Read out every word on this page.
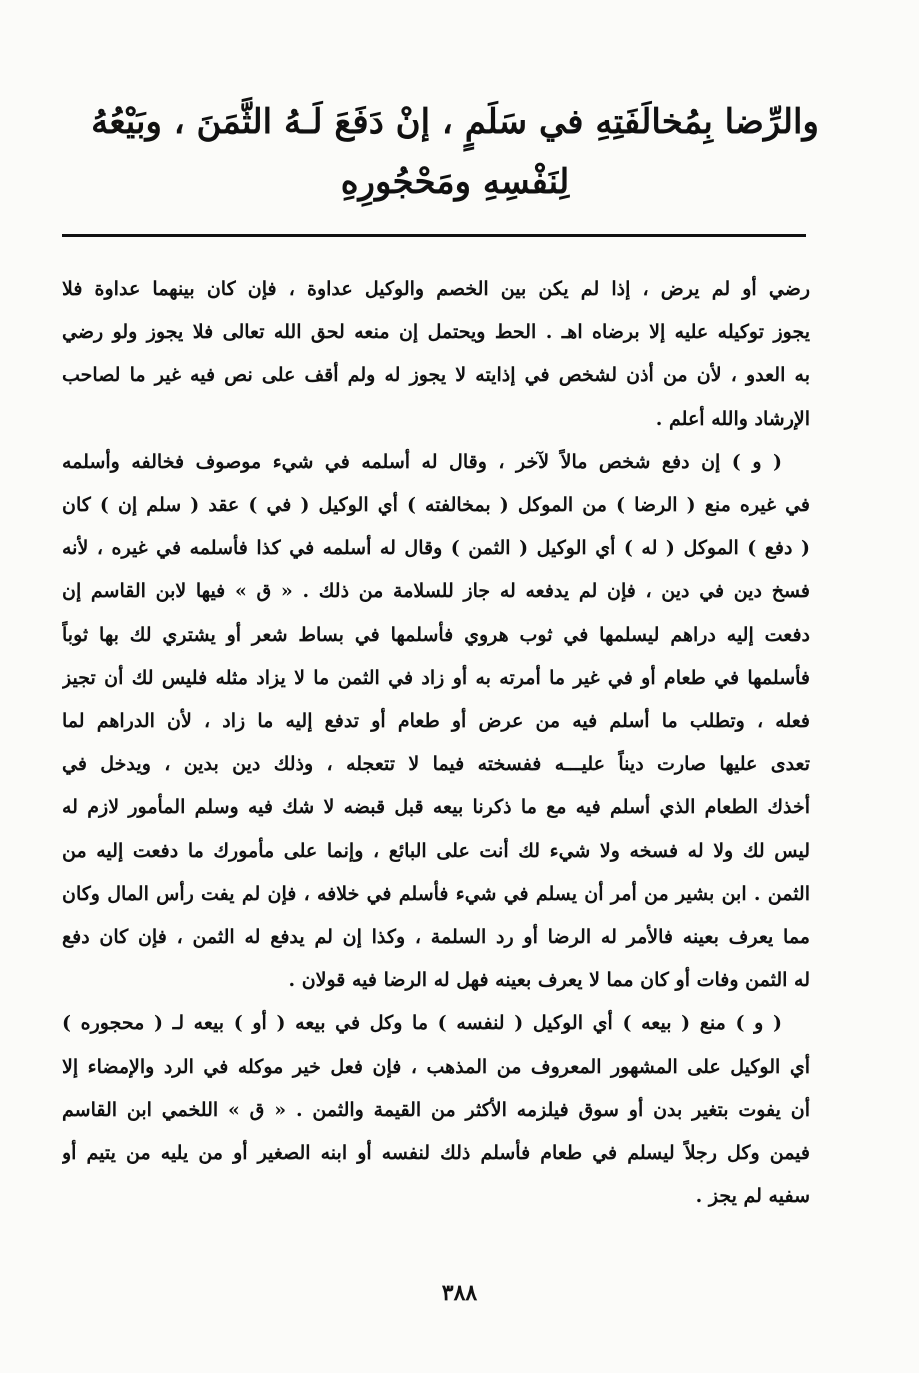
والرِّضا بِمُخالَفَتِهِ في سَلَمٍ ، إنْ دَفَعَ لَـهُ الثَّمَنَ ، وبَيْعُهُ
لِنَفْسِهِ ومَحْجُورِهِ
رضي أو لم يرض ، إذا لم يكن بين الخصم والوكيل عداوة ، فإن كان بينهما عداوة فلا
يجوز توكيله عليه إلا برضاه اهـ . الحط ويحتمل إن منعه لحق الله تعالى فلا يجوز ولو رضي
به العدو ، لأن من أذن لشخص في إذايته لا يجوز له ولم أقف على نص فيه غير ما لصاحب
الإرشاد والله أعلم .
( و ) إن دفع شخص مالاً لآخر ، وقال له أسلمه في شيء موصوف فخالفه وأسلمه
في غيره منع ( الرضا ) من الموكل ( بمخالفته ) أي الوكيل ( في ) عقد ( سلم إن ) كان
( دفع ) الموكل ( له ) أي الوكيل ( الثمن ) وقال له أسلمه في كذا فأسلمه في غيره ، لأنه
فسخ دين في دين ، فإن لم يدفعه له جاز للسلامة من ذلك . « ق » فيها لابن القاسم إن
دفعت إليه دراهم ليسلمها في ثوب هروي فأسلمها في بساط شعر أو يشتري لك بها ثوباً
فأسلمها في طعام أو في غير ما أمرته به أو زاد في الثمن ما لا يزاد مثله فليس لك أن تجيز
فعله ، وتطلب ما أسلم فيه من عرض أو طعام أو تدفع إليه ما زاد ، لأن الدراهم لما
تعدى عليها صارت ديناً عليـــه ففسخته فيما لا تتعجله ، وذلك دين بدين ، ويدخل في
أخذك الطعام الذي أسلم فيه مع ما ذكرنا بيعه قبل قبضه لا شك فيه وسلم المأمور لازم له
ليس لك ولا له فسخه ولا شيء لك أنت على البائع ، وإنما على مأمورك ما دفعت إليه من
الثمن . ابن بشير من أمر أن يسلم في شيء فأسلم في خلافه ، فإن لم يفت رأس المال وكان
مما يعرف بعينه فالأمر له الرضا أو رد السلمة ، وكذا إن لم يدفع له الثمن ، فإن كان دفع
له الثمن وفات أو كان مما لا يعرف بعينه فهل له الرضا فيه قولان .
( و ) منع ( بيعه ) أي الوكيل ( لنفسه ) ما وكل في بيعه ( أو ) بيعه لـ ( محجوره )
أي الوكيل على المشهور المعروف من المذهب ، فإن فعل خير موكله في الرد والإمضاء إلا
أن يفوت بتغير بدن أو سوق فيلزمه الأكثر من القيمة والثمن . « ق » اللخمي ابن القاسم
فيمن وكل رجلاً ليسلم في طعام فأسلم ذلك لنفسه أو ابنه الصغير أو من يليه من يتيم أو
سفيه لم يجز .
٣٨٨
